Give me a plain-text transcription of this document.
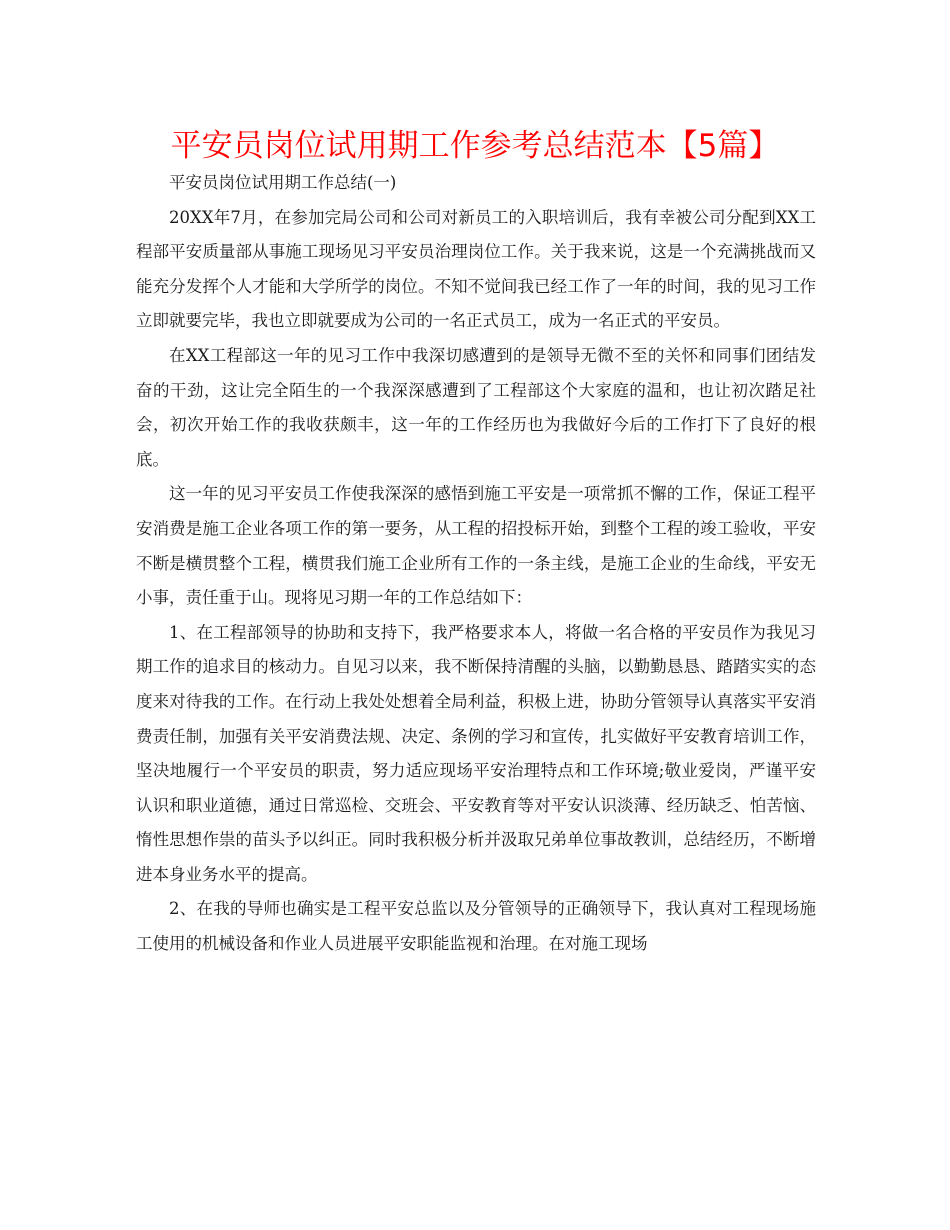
平安员岗位试用期工作参考总结范本【5篇】

平安员岗位试用期工作总结(一)

20XX年7月，在参加完局公司和公司对新员工的入职培训后，我有幸被公司分配到XX工程部平安质量部从事施工现场见习平安员治理岗位工作。关于我来说，这是一个充满挑战而又能充分发挥个人才能和大学所学的岗位。不知不觉间我已经工作了一年的时间，我的见习工作立即就要完毕，我也立即就要成为公司的一名正式员工，成为一名正式的平安员。

在XX工程部这一年的见习工作中我深切感遭到的是领导无微不至的关怀和同事们团结发奋的干劲，这让完全陌生的一个我深深感遭到了工程部这个大家庭的温和，也让初次踏足社会，初次开始工作的我收获颇丰，这一年的工作经历也为我做好今后的工作打下了良好的根底。

这一年的见习平安员工作使我深深的感悟到施工平安是一项常抓不懈的工作，保证工程平安消费是施工企业各项工作的第一要务，从工程的招投标开始，到整个工程的竣工验收，平安不断是横贯整个工程，横贯我们施工企业所有工作的一条主线，是施工企业的生命线，平安无小事，责任重于山。现将见习期一年的工作总结如下：

1、在工程部领导的协助和支持下，我严格要求本人，将做一名合格的平安员作为我见习期工作的追求目的核动力。自见习以来，我不断保持清醒的头脑，以勤勤恳恳、踏踏实实的态度来对待我的工作。在行动上我处处想着全局利益，积极上进，协助分管领导认真落实平安消费责任制，加强有关平安消费法规、决定、条例的学习和宣传，扎实做好平安教育培训工作，坚决地履行一个平安员的职责，努力适应现场平安治理特点和工作环境;敬业爱岗，严谨平安认识和职业道德，通过日常巡检、交班会、平安教育等对平安认识淡薄、经历缺乏、怕苦恼、惰性思想作祟的苗头予以纠正。同时我积极分析并汲取兄弟单位事故教训，总结经历，不断增进本身业务水平的提高。

2、在我的导师也确实是工程平安总监以及分管领导的正确领导下，我认真对工程现场施工使用的机械设备和作业人员进展平安职能监视和治理。在对施工现场
